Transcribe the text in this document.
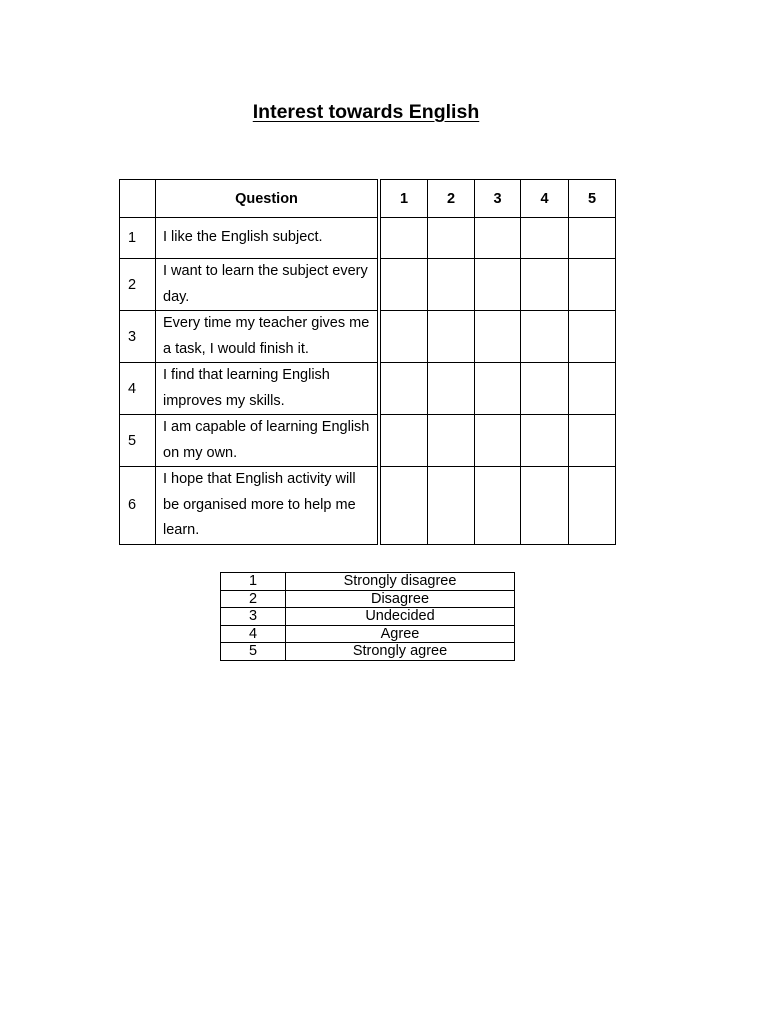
Interest towards English
	Question		1	2	3	4	5
1	I like the English subject.						
2	I want to learn the subject every day.						
3	Every time my teacher gives me a task, I would finish it.						
4	I find that learning English improves my skills.						
5	I am capable of learning English on my own.						
6	I hope that English activity will be organised more to help me learn.						
1	Strongly disagree
2	Disagree
3	Undecided
4	Agree
5	Strongly agree
